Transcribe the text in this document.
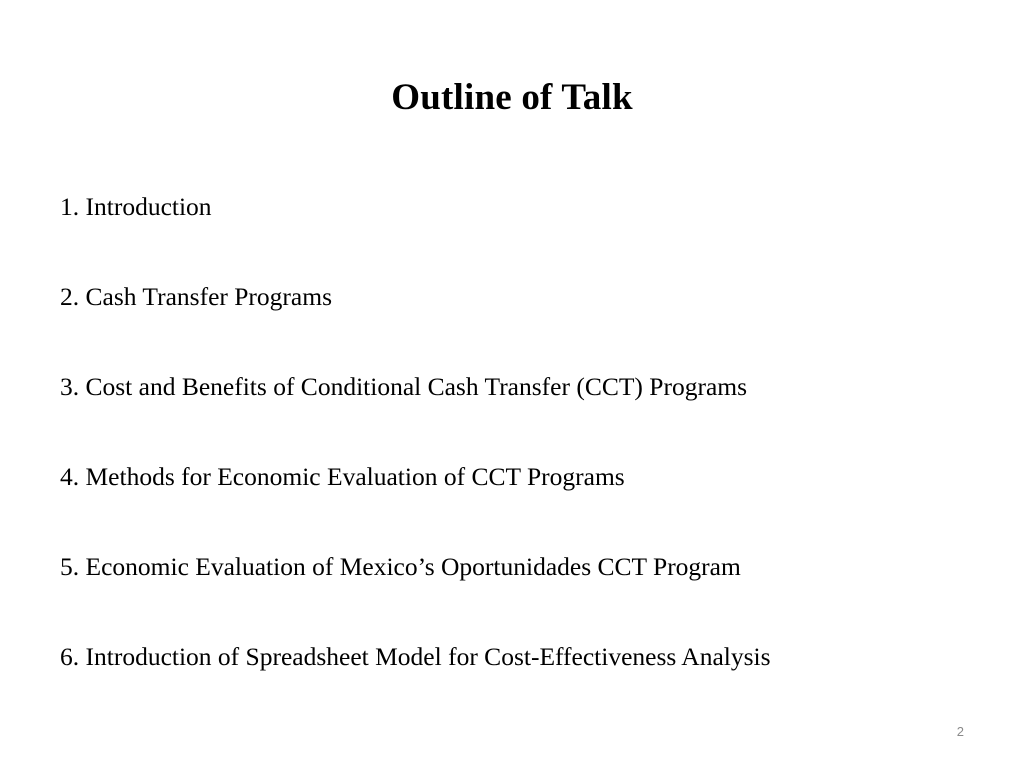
Outline of Talk
1. Introduction
2. Cash Transfer Programs
3. Cost and Benefits of Conditional Cash Transfer (CCT) Programs
4. Methods for Economic Evaluation of CCT Programs
5. Economic Evaluation of Mexico’s Oportunidades CCT Program
6. Introduction of Spreadsheet Model for Cost-Effectiveness Analysis
2
